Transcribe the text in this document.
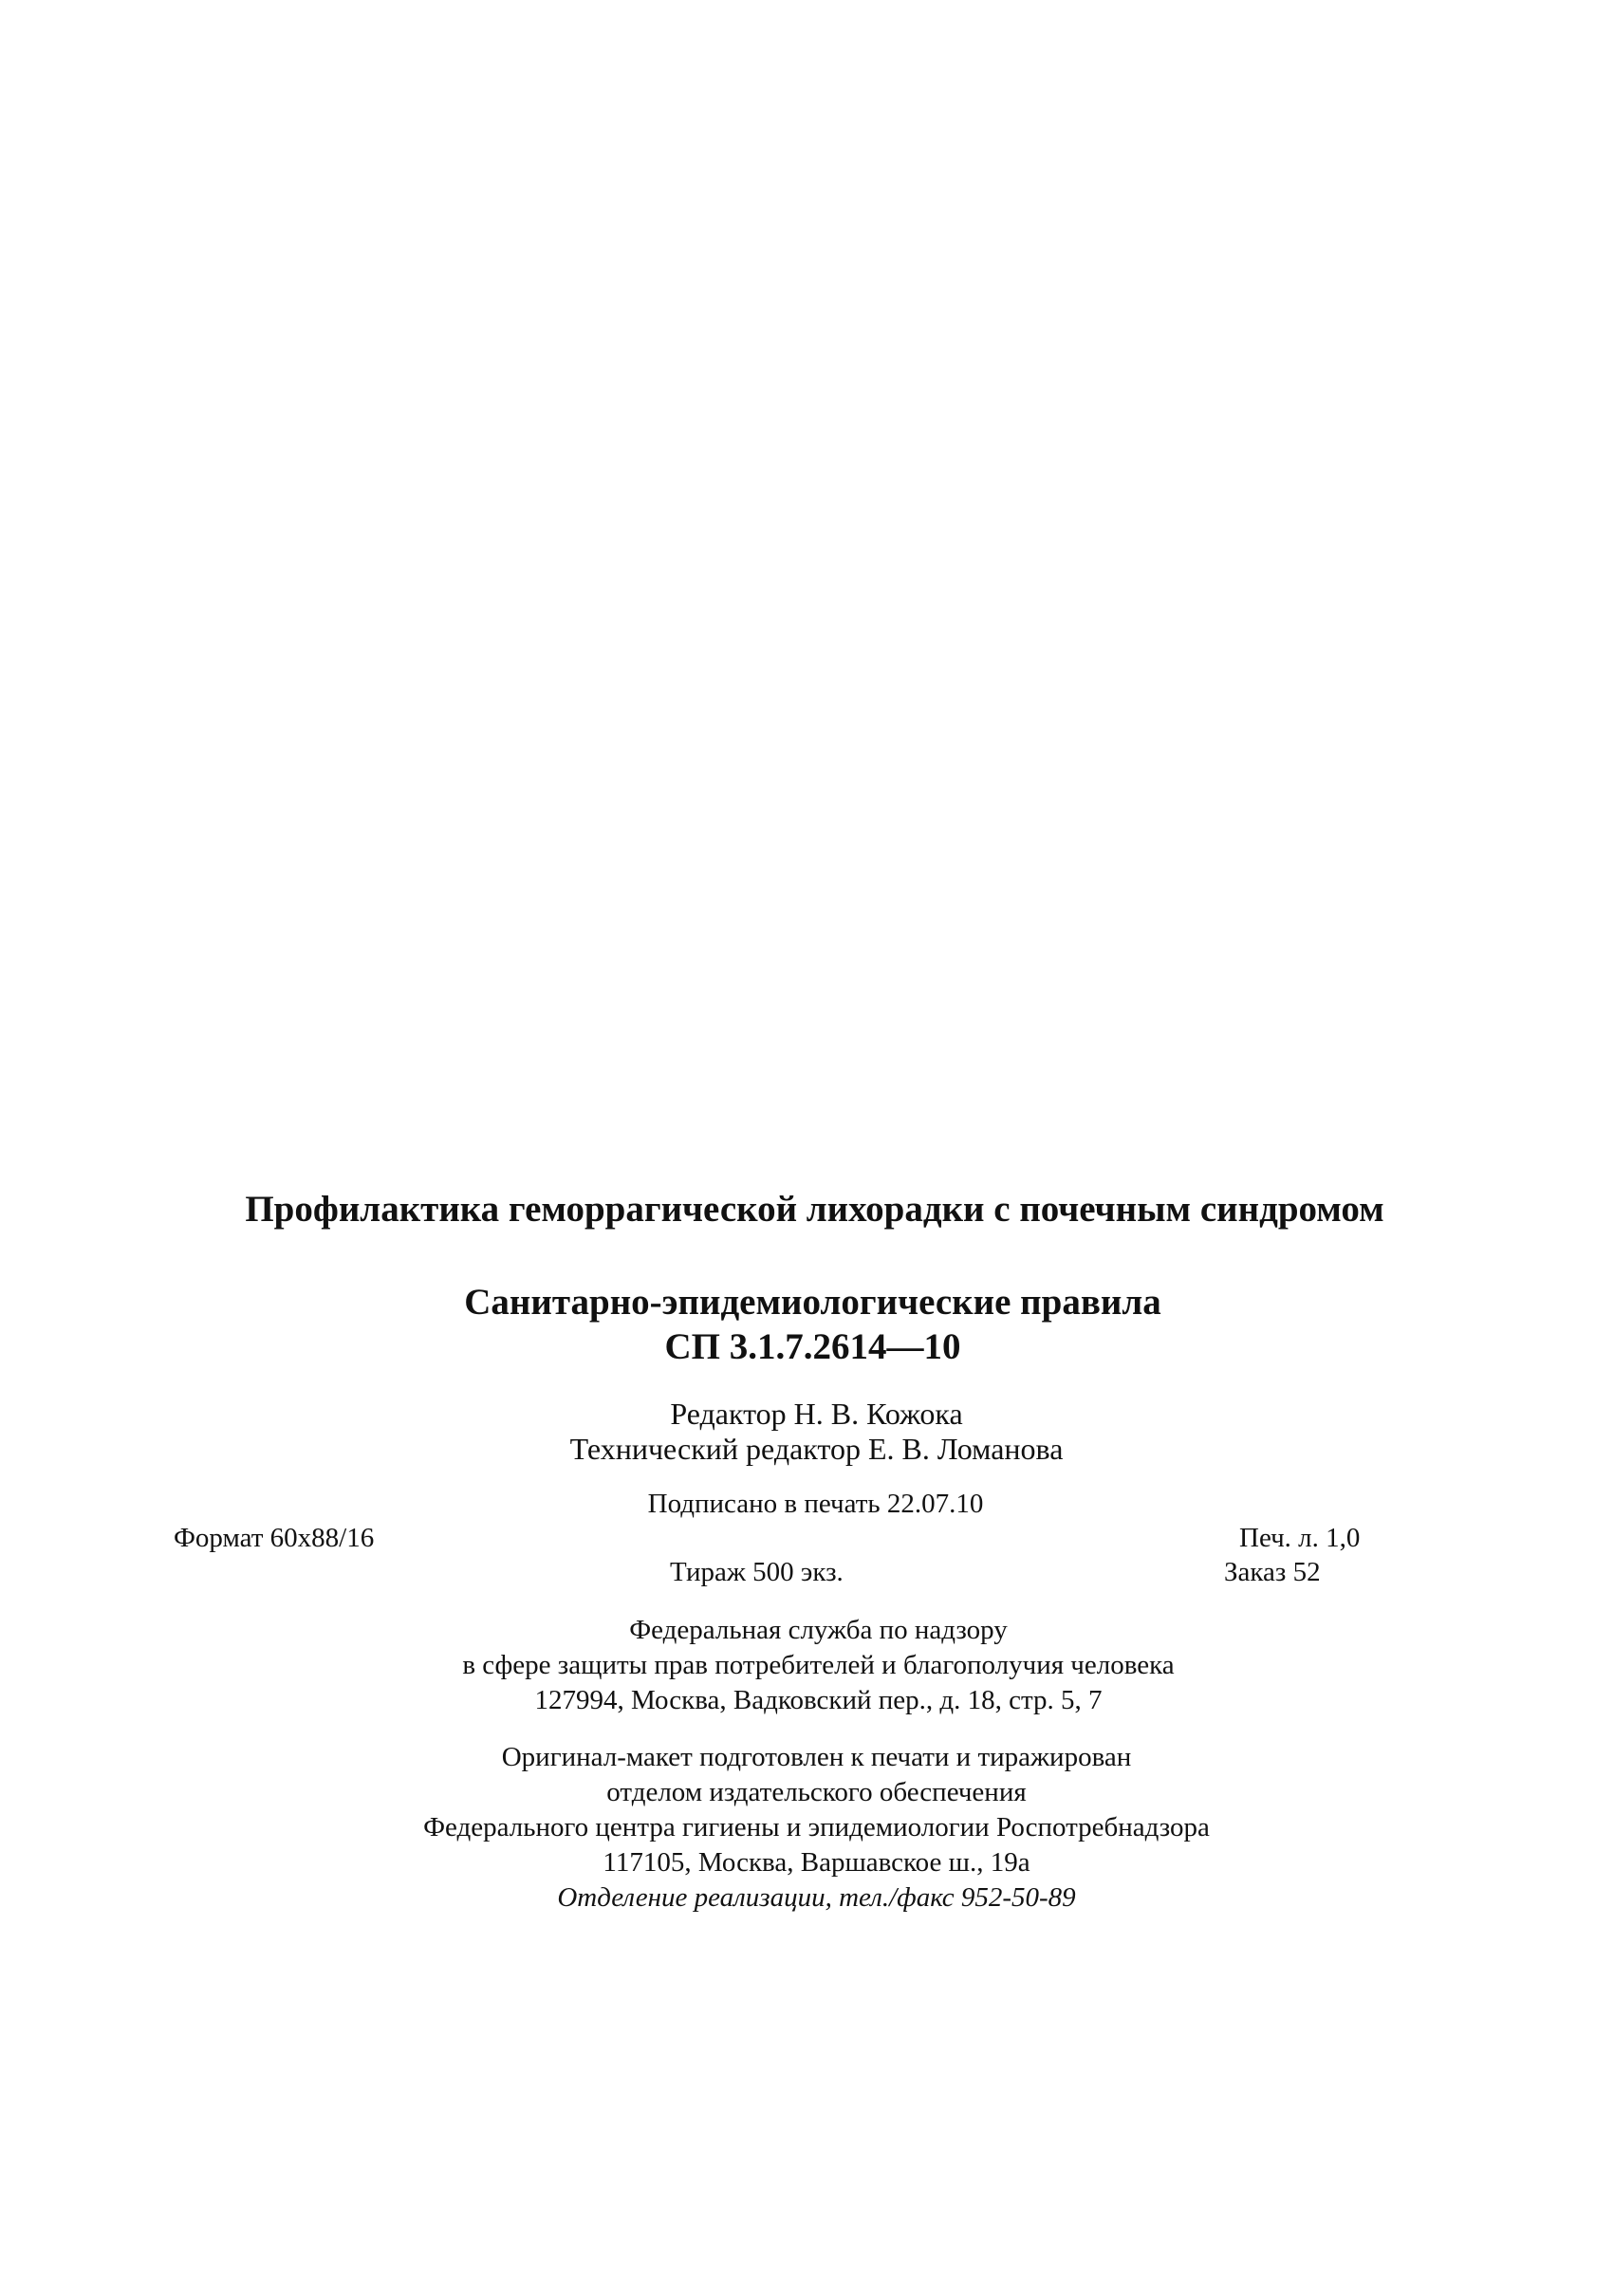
Профилактика геморрагической лихорадки с почечным синдромом
Санитарно-эпидемиологические правила
СП 3.1.7.2614—10
Редактор Н. В. Кожока
Технический редактор Е. В. Ломанова
Подписано в печать 22.07.10
Формат 60x88/16	Печ. л. 1,0
Тираж 500 экз.	Заказ 52
Федеральная служба по надзору
в сфере защиты прав потребителей и благополучия человека
127994, Москва, Вадковский пер., д. 18, стр. 5, 7
Оригинал-макет подготовлен к печати и тиражирован
отделом издательского обеспечения
Федерального центра гигиены и эпидемиологии Роспотребнадзора
117105, Москва, Варшавское ш., 19а
Отделение реализации, тел./факс 952-50-89
